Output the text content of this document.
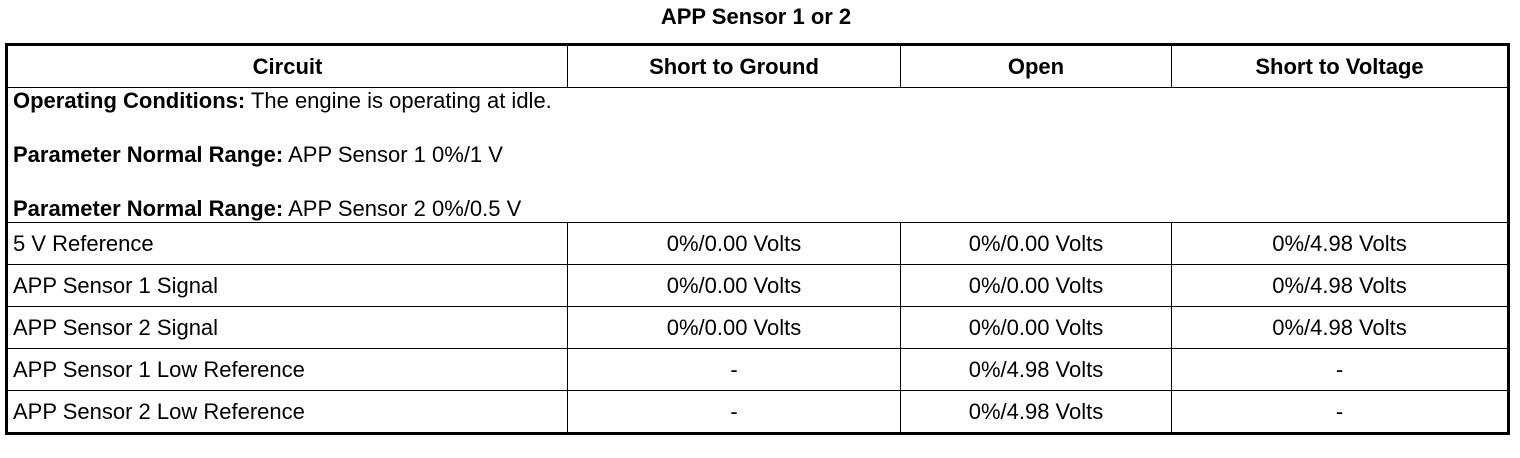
APP Sensor 1 or 2
Circuit	Short to Ground	Open	Short to Voltage

Operating Conditions: The engine is operating at idle.

Parameter Normal Range: APP Sensor 1 0%/1 V

Parameter Normal Range: APP Sensor 2 0%/0.5 V			

5 V Reference	0%/0.00 Volts	0%/0.00 Volts	0%/4.98 Volts
APP Sensor 1 Signal	0%/0.00 Volts	0%/0.00 Volts	0%/4.98 Volts
APP Sensor 2 Signal	0%/0.00 Volts	0%/0.00 Volts	0%/4.98 Volts
APP Sensor 1 Low Reference	-	0%/4.98 Volts	-
APP Sensor 2 Low Reference	-	0%/4.98 Volts	-
